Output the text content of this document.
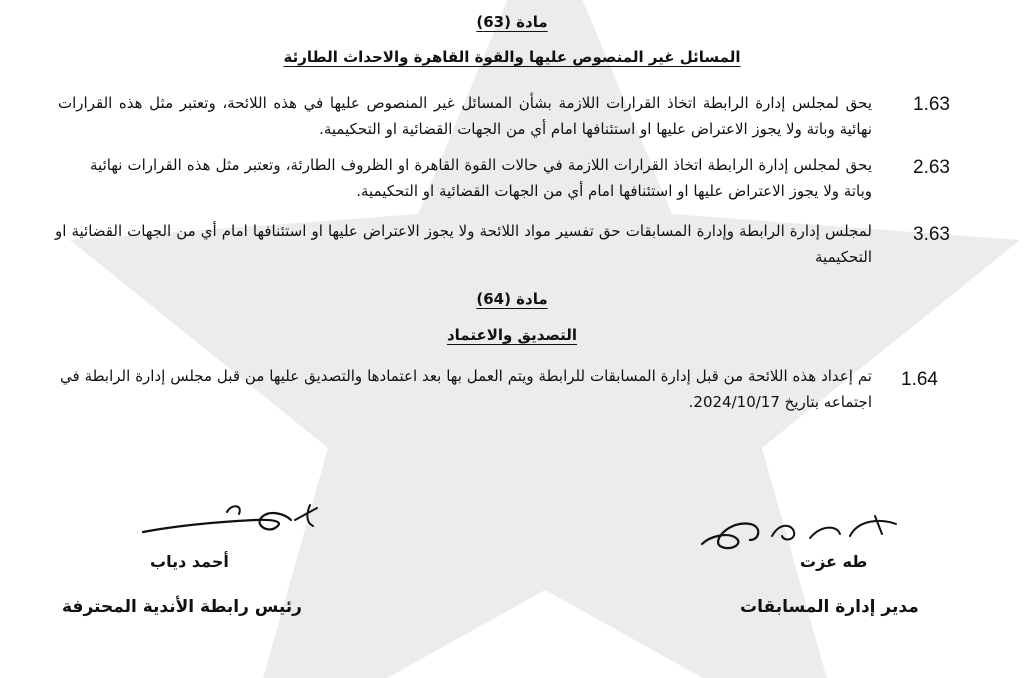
مادة (63)
المسائل غير المنصوص عليها والقوة القاهرة والاحداث الطارئة
1.63
يحق لمجلس إدارة الرابطة اتخاذ القرارات اللازمة بشأن المسائل غير المنصوص عليها في هذه اللائحة، وتعتبر مثل هذه القرارات نهائية وباتة ولا يجوز الاعتراض عليها او استئنافها امام أي من الجهات القضائية او التحكيمية.
2.63
يحق لمجلس إدارة الرابطة اتخاذ القرارات اللازمة في حالات القوة القاهرة او الظروف الطارئة، وتعتبر مثل هذه القرارات نهائية وباتة ولا يجوز الاعتراض عليها او استئنافها امام أي من الجهات القضائية او التحكيمية.
3.63
لمجلس إدارة الرابطة وإدارة المسابقات حق تفسير مواد اللائحة ولا يجوز الاعتراض عليها او استئنافها امام أي من الجهات القضائية او التحكيمية
مادة (64)
التصديق والاعتماد
1.64
تم إعداد هذه اللائحة من قبل إدارة المسابقات للرابطة ويتم العمل بها بعد اعتمادها والتصديق عليها من قبل مجلس إدارة الرابطة في اجتماعه بتاريخ 2024/10/17.
أحمد دياب
رئيس رابطة الأندية المحترفة
طه عزت
مدير إدارة المسابقات
